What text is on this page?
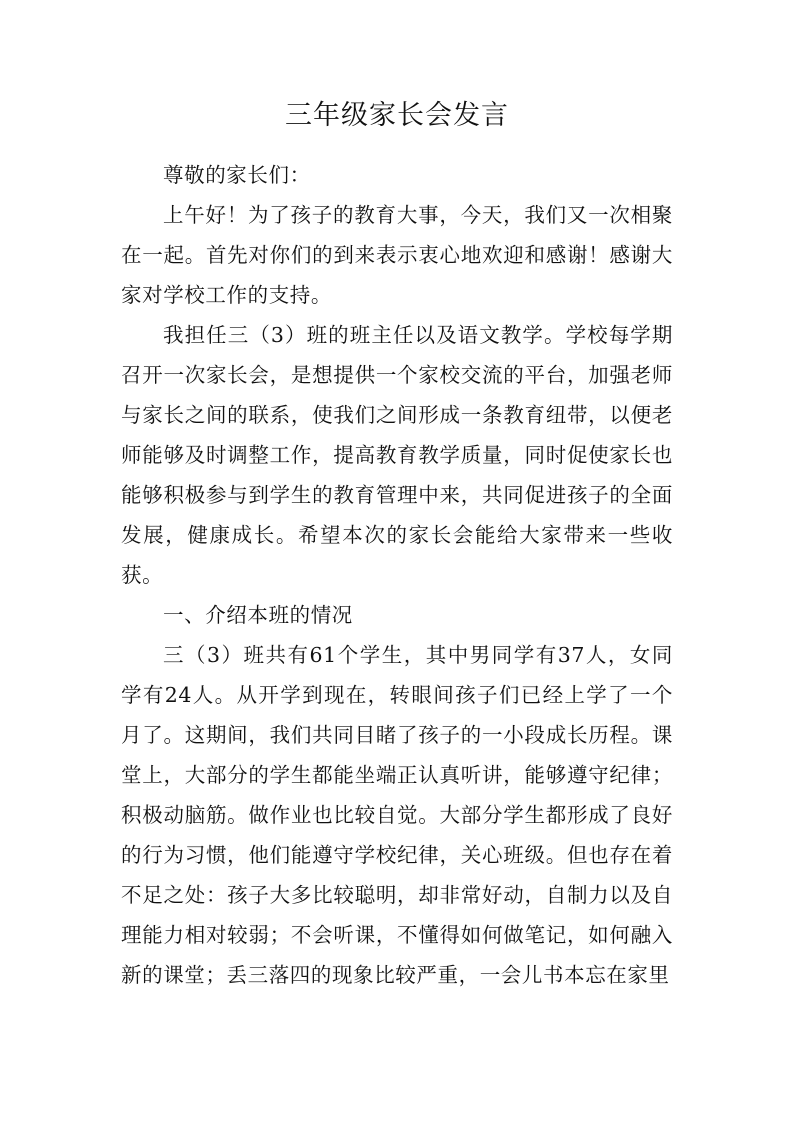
三年级家长会发言

尊敬的家长们：

上午好！为了孩子的教育大事，今天，我们又一次相聚在一起。首先对你们的到来表示衷心地欢迎和感谢！感谢大家对学校工作的支持。

我担任三（3）班的班主任以及语文教学。学校每学期召开一次家长会，是想提供一个家校交流的平台，加强老师与家长之间的联系，使我们之间形成一条教育纽带，以便老师能够及时调整工作，提高教育教学质量，同时促使家长也能够积极参与到学生的教育管理中来，共同促进孩子的全面发展，健康成长。希望本次的家长会能给大家带来一些收获。

一、介绍本班的情况

三（3）班共有61个学生，其中男同学有37人，女同学有24人。从开学到现在，转眼间孩子们已经上学了一个月了。这期间，我们共同目睹了孩子的一小段成长历程。课堂上，大部分的学生都能坐端正认真听讲，能够遵守纪律；积极动脑筋。做作业也比较自觉。大部分学生都形成了良好的行为习惯，他们能遵守学校纪律，关心班级。但也存在着不足之处：孩子大多比较聪明，却非常好动，自制力以及自理能力相对较弱；不会听课，不懂得如何做笔记，如何融入新的课堂；丢三落四的现象比较严重，一会儿书本忘在家里
